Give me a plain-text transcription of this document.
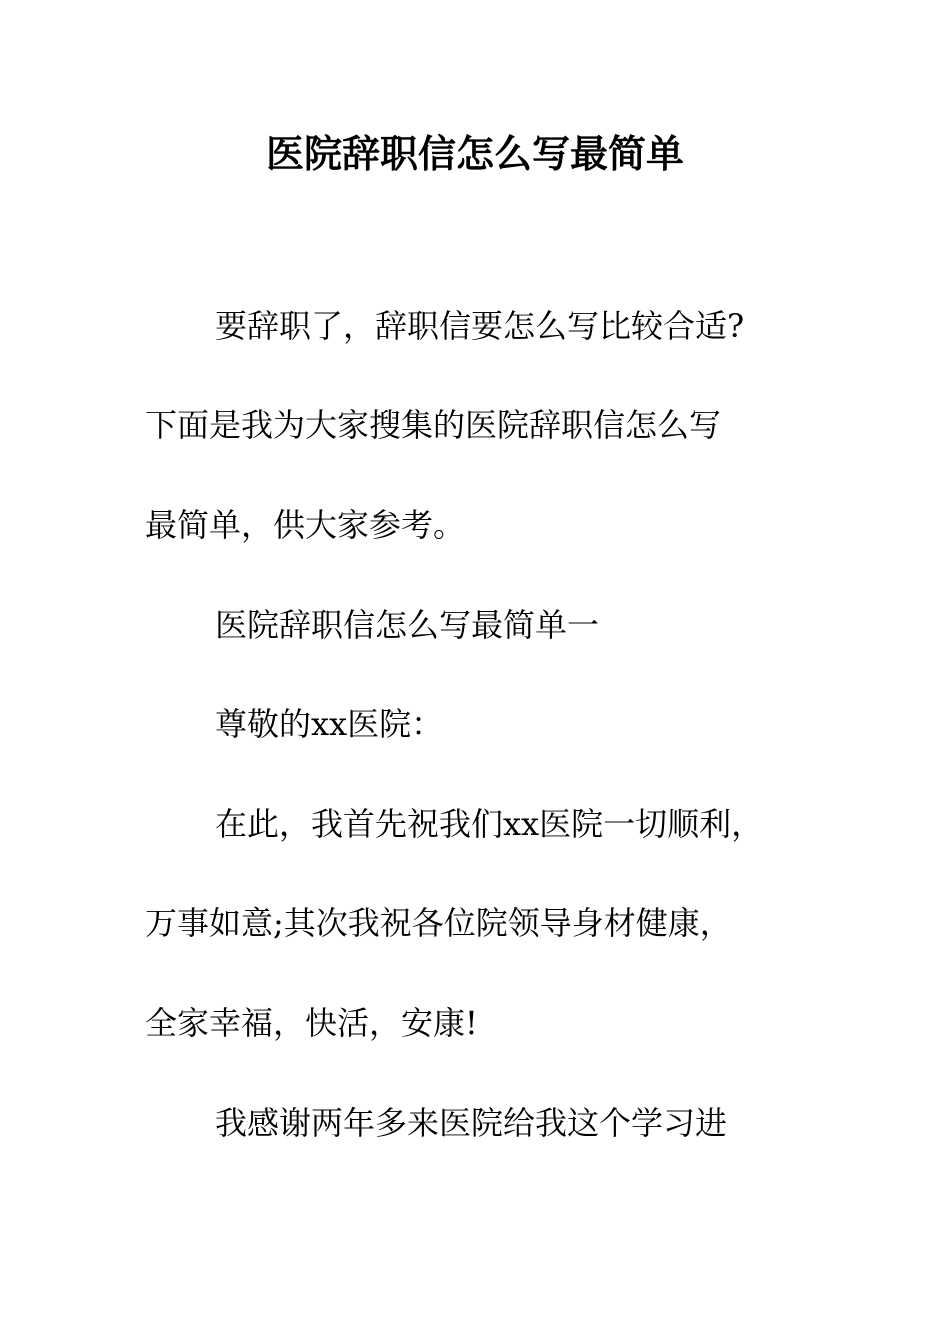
医院辞职信怎么写最简单

要辞职了，辞职信要怎么写比较合适?

下面是我为大家搜集的医院辞职信怎么写

最简单，供大家参考。

医院辞职信怎么写最简单一

尊敬的xx医院：

在此，我首先祝我们xx医院一切顺利，

万事如意;其次我祝各位院领导身材健康，

全家幸福，快活，安康!

我感谢两年多来医院给我这个学习进
